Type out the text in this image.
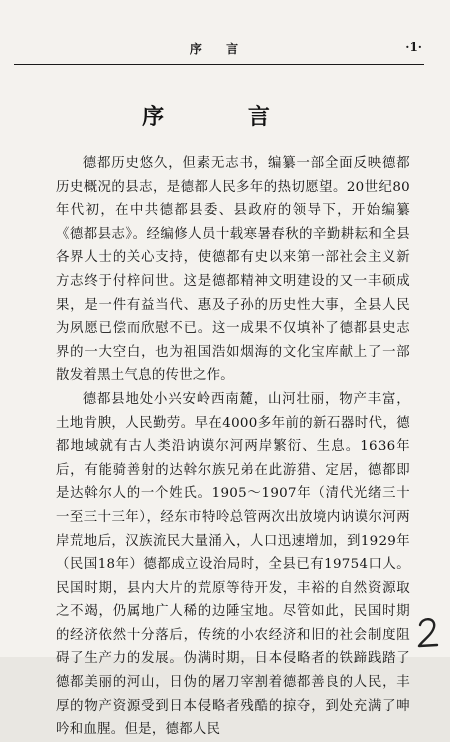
序 言	·1·
序 言

德都历史悠久，但素无志书，编纂一部全面反映德都历史概况的县志，是德都人民多年的热切愿望。20世纪80年代初，在中共德都县委、县政府的领导下，开始编纂《德都县志》。经编修人员十载寒暑春秋的辛勤耕耘和全县各界人士的关心支持，使德都有史以来第一部社会主义新方志终于付梓问世。这是德都精神文明建设的又一丰硕成果，是一件有益当代、惠及子孙的历史性大事，全县人民为夙愿已偿而欣慰不已。这一成果不仅填补了德都县史志界的一大空白，也为祖国浩如烟海的文化宝库献上了一部散发着黑土气息的传世之作。

德都县地处小兴安岭西南麓，山河壮丽，物产丰富，土地肯腴，人民勤劳。早在4000多年前的新石器时代，德都地域就有古人类沿讷谟尔河两岸繁衍、生息。1636年后，有能骑善射的达斡尔族兄弟在此游猎、定居，德都即是达斡尔人的一个姓氏。1905～1907年（清代光绪三十一至三十三年），经东市特呤总管两次出放境内讷谟尔河两岸荒地后，汉族流民大量涌入，人口迅速增加，到1929年（民国18年）德都成立设治局时，全县已有19754口人。民国时期，县内大片的荒原等待开发，丰裕的自然资源取之不竭，仍属地广人稀的边陲宝地。尽管如此，民国时期的经济依然十分落后，传统的小农经济和旧的社会制度阻碍了生产力的发展。伪满时期，日本侵略者的铁蹄践踏了德都美丽的河山，日伪的屠刀宰割着德都善良的人民，丰厚的物产资源受到日本侵略者残酷的掠夺，到处充满了呻吟和血腥。但是，德都人民
